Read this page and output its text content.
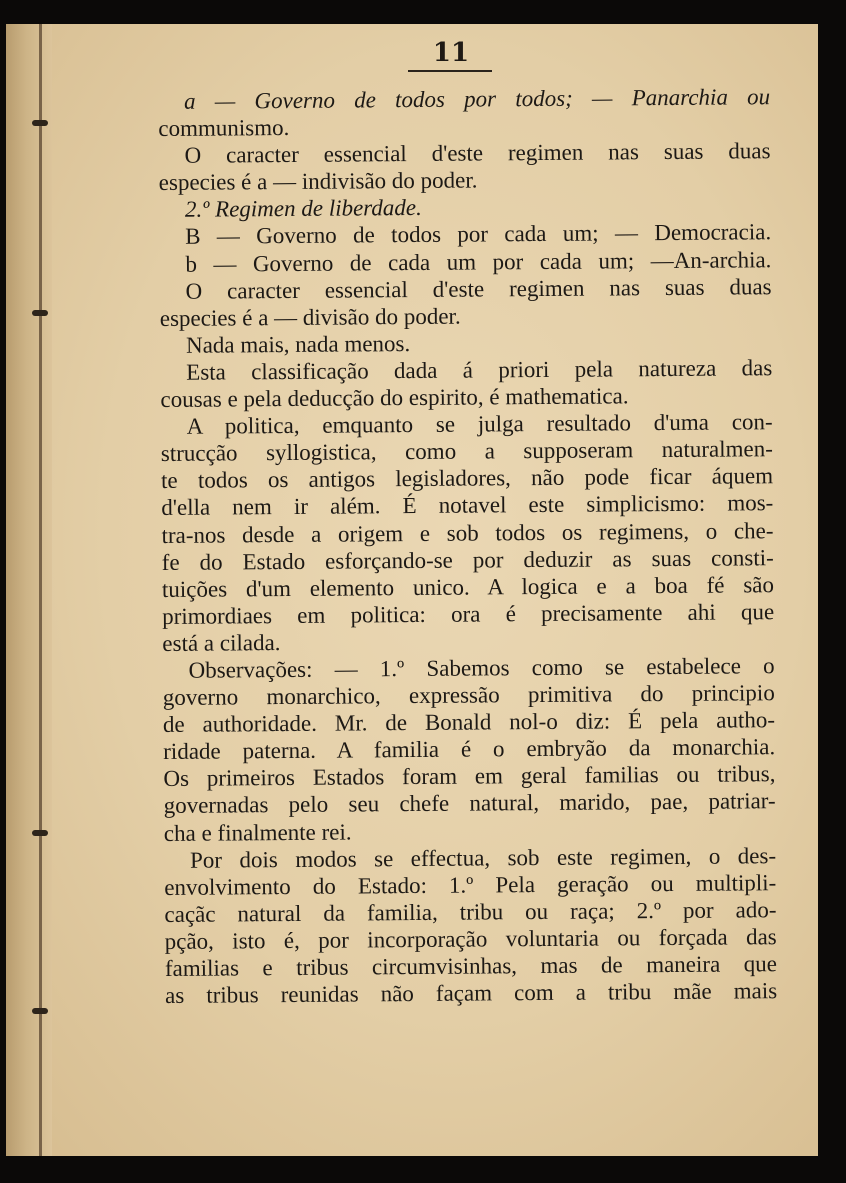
11
a — Governo de todos por todos; — Panarchia ou
communismo.
O caracter essencial d'este regimen nas suas duas
especies é a — indivisão do poder.
2.º Regimen de liberdade.
B — Governo de todos por cada um; — Democracia.
b — Governo de cada um por cada um; —An-archia.
O caracter essencial d'este regimen nas suas duas
especies é a — divisão do poder.
Nada mais, nada menos.
Esta classificação dada á priori pela natureza das
cousas e pela deducção do espirito, é mathematica.
A politica, emquanto se julga resultado d'uma con-
strucção syllogistica, como a supposeram naturalmen-
te todos os antigos legisladores, não pode ficar áquem
d'ella nem ir além. É notavel este simplicismo: mos-
tra-nos desde a origem e sob todos os regimens, o che-
fe do Estado esforçando-se por deduzir as suas consti-
tuições d'um elemento unico. A logica e a boa fé são
primordiaes em politica: ora é precisamente ahi que
está a cilada.
Observações: — 1.º Sabemos como se estabelece o
governo monarchico, expressão primitiva do principio
de authoridade. Mr. de Bonald nol-o diz: É pela autho-
ridade paterna. A familia é o embryão da monarchia.
Os primeiros Estados foram em geral familias ou tribus,
governadas pelo seu chefe natural, marido, pae, patriar-
cha e finalmente rei.
Por dois modos se effectua, sob este regimen, o des-
envolvimento do Estado: 1.º Pela geração ou multipli-
caçãc natural da familia, tribu ou raça; 2.º por ado-
pção, isto é, por incorporação voluntaria ou forçada das
familias e tribus circumvisinhas, mas de maneira que
as tribus reunidas não façam com a tribu mãe mais
